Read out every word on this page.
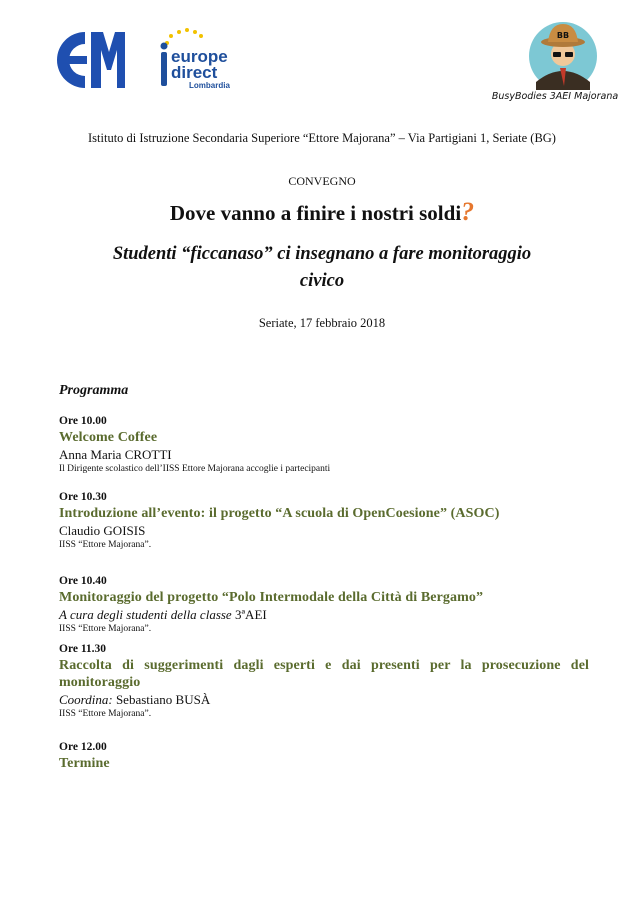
europe
direct
Lombardia
BB
BusyBodies 3AEI Majorana
Istituto di Istruzione Secondaria Superiore “Ettore Majorana” – Via Partigiani 1, Seriate (BG)
CONVEGNO
Dove vanno a finire i nostri soldi?
Studenti “ficcanaso” ci insegnano a fare monitoraggio civico
Seriate, 17 febbraio 2018
Programma
Ore 10.00
Welcome Coffee
Anna Maria CROTTI
Il Dirigente scolastico dell’IISS Ettore Majorana accoglie i partecipanti
Ore 10.30
Introduzione all’evento: il progetto “A scuola di OpenCoesione” (ASOC)
Claudio GOISIS
IISS “Ettore Majorana”.
Ore 10.40
Monitoraggio del progetto “Polo Intermodale della Città di Bergamo”
A cura degli studenti della classe 3ªAEI
IISS “Ettore Majorana”.
Ore 11.30
Raccolta di suggerimenti dagli esperti e dai presenti per la prosecuzione del monitoraggio
Coordina: Sebastiano BUSÀ
IISS “Ettore Majorana”.
Ore 12.00
Termine
